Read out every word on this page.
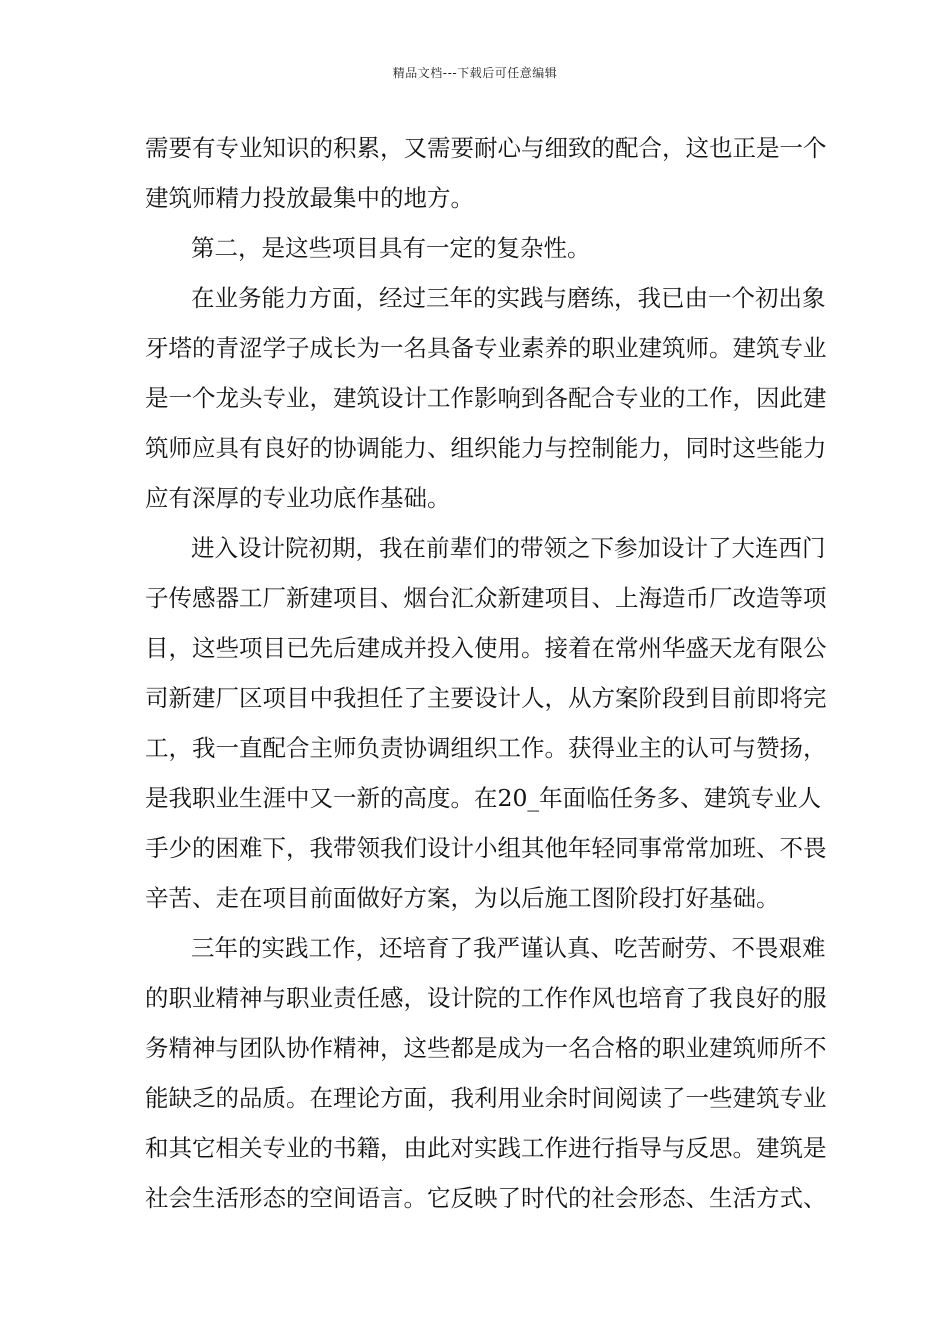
精品文档---下载后可任意编辑
需要有专业知识的积累，又需要耐心与细致的配合，这也正是一个
建筑师精力投放最集中的地方。
第二，是这些项目具有一定的复杂性。
在业务能力方面，经过三年的实践与磨练，我已由一个初出象
牙塔的青涩学子成长为一名具备专业素养的职业建筑师。建筑专业
是一个龙头专业，建筑设计工作影响到各配合专业的工作，因此建
筑师应具有良好的协调能力、组织能力与控制能力，同时这些能力
应有深厚的专业功底作基础。
进入设计院初期，我在前辈们的带领之下参加设计了大连西门
子传感器工厂新建项目、烟台汇众新建项目、上海造币厂改造等项
目，这些项目已先后建成并投入使用。接着在常州华盛天龙有限公
司新建厂区项目中我担任了主要设计人，从方案阶段到目前即将完
工，我一直配合主师负责协调组织工作。获得业主的认可与赞扬，
是我职业生涯中又一新的高度。在20_年面临任务多、建筑专业人
手少的困难下，我带领我们设计小组其他年轻同事常常加班、不畏
辛苦、走在项目前面做好方案，为以后施工图阶段打好基础。
三年的实践工作，还培育了我严谨认真、吃苦耐劳、不畏艰难
的职业精神与职业责任感，设计院的工作作风也培育了我良好的服
务精神与团队协作精神，这些都是成为一名合格的职业建筑师所不
能缺乏的品质。在理论方面，我利用业余时间阅读了一些建筑专业
和其它相关专业的书籍，由此对实践工作进行指导与反思。建筑是
社会生活形态的空间语言。它反映了时代的社会形态、生活方式、
